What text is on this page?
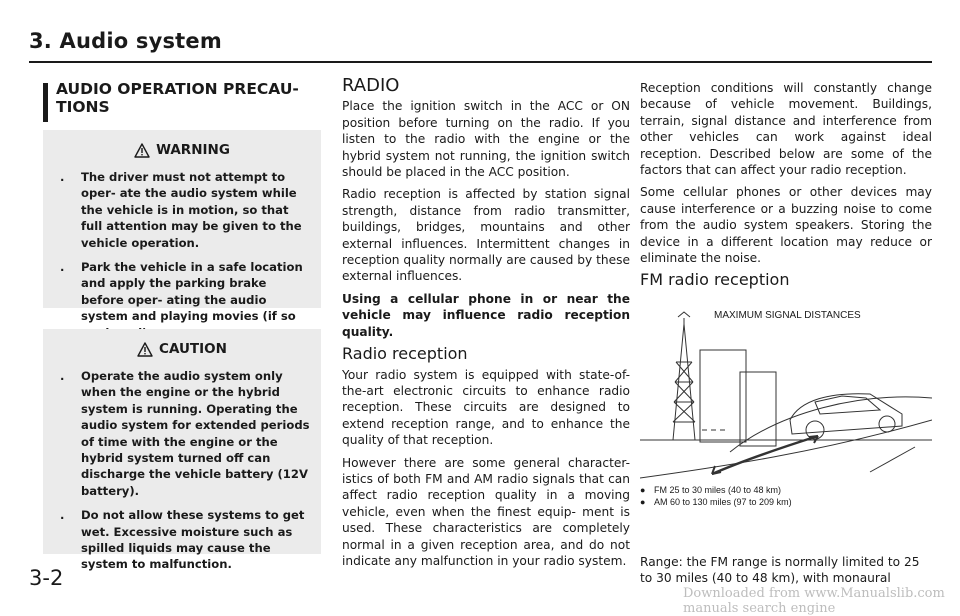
3. Audio system
AUDIO OPERATION PRECAU-
TIONS
WARNING
. The driver must not attempt to oper- ate the audio system while the vehicle is in motion, so that full attention may be given to the vehicle operation.
. Park the vehicle in a safe location and apply the parking brake before oper- ating the audio system and playing movies (if so
CAUTION
. Operate the audio system only when the engine or the hybrid system is running. Operating the audio system for extended periods of time with the engine or the hybrid system turned off can discharge the vehicle battery (12V battery).
. Do not allow these systems to get wet. Excessive moisture such as spilled liquids may cause the system to malfunction.
3-2
RADIO

Place the ignition switch in the ACC or ON position before turning on the radio. If you listen to the radio with the engine or the hybrid system not running, the ignition switch should be placed in the ACC position.

Radio reception is affected by station signal strength, distance from radio transmitter, buildings, bridges, mountains and other external influences. Intermittent changes in reception quality normally are caused by these external influences.

Using a cellular phone in or near the vehicle may influence radio reception quality.

Radio reception

Your radio system is equipped with state-of- the-art electronic circuits to enhance radio reception. These circuits are designed to extend reception range, and to enhance the quality of that reception.

However there are some general character- istics of both FM and AM radio signals that can affect radio reception quality in a moving vehicle, even when the finest equip- ment is used. These characteristics are completely normal in a given reception area, and do not indicate any malfunction in your radio system.

Reception conditions will constantly change because of vehicle movement. Buildings, terrain, signal distance and interference from other vehicles can work against ideal reception. Described below are some of the factors that can affect your radio reception.

Some cellular phones or other devices may cause interference or a buzzing noise to come from the audio system speakers. Storing the device in a different location may reduce or eliminate the noise.

FM radio reception
MAXIMUM SIGNAL DISTANCES
● FM 25 to 30 miles (40 to 48 km)
● AM 60 to 130 miles (97 to 209 km)
Range: the FM range is normally limited to 25 to 30 miles (40 to 48 km), with monaural
Downloaded from www.Manualslib.com manuals search engine
